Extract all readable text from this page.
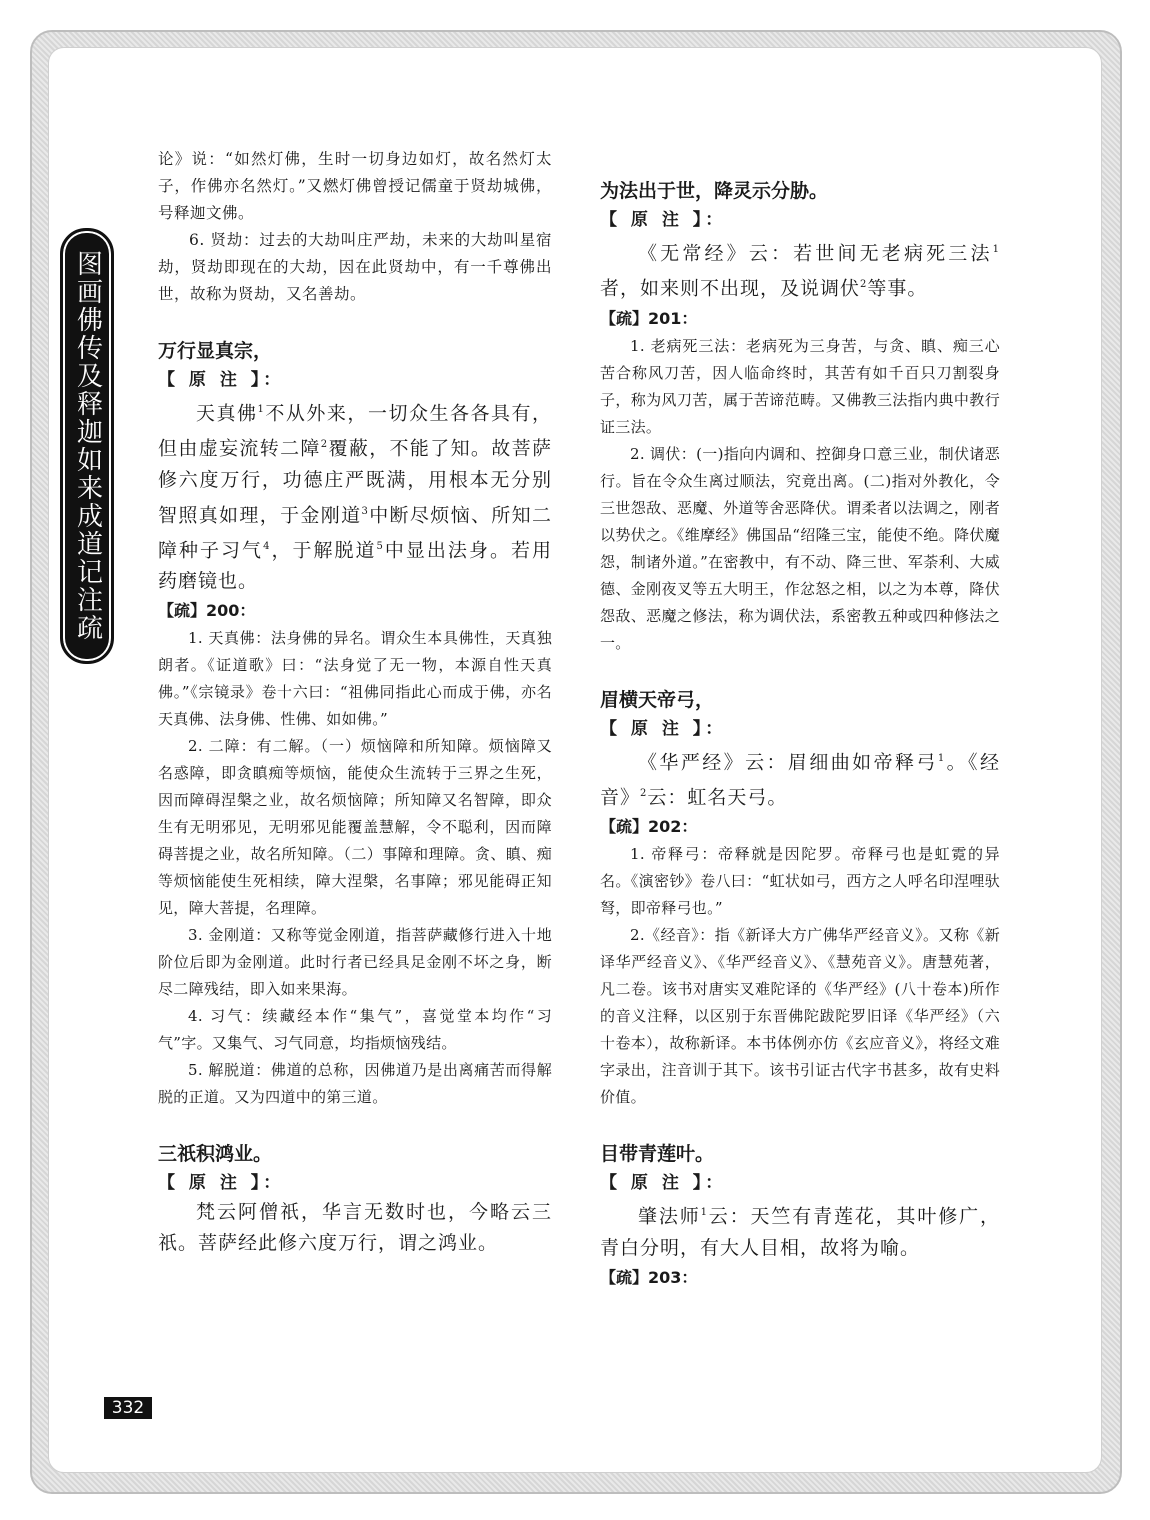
图画佛传及释迦如来成道记注疏

论》说：“如然灯佛，生时一切身边如灯，故名然灯太子，作佛亦名然灯。”又燃灯佛曾授记儒童于贤劫城佛，号释迦文佛。

6. 贤劫：过去的大劫叫庄严劫，未来的大劫叫星宿劫，贤劫即现在的大劫，因在此贤劫中，有一千尊佛出世，故称为贤劫，又名善劫。

万行显真宗，
【 原 注 】：

天真佛$^1$不从外来，一切众生各各具有，但由虚妄流转二障$^2$覆蔽，不能了知。故菩萨修六度万行，功德庄严既满，用根本无分别智照真如理，于金刚道$^3$中断尽烦恼、所知二障种子习气$^4$，于解脱道$^5$中显出法身。若用药磨镜也。

【疏】200：

1. 天真佛：法身佛的异名。谓众生本具佛性，天真独朗者。《证道歌》曰：“法身觉了无一物，本源自性天真佛。”《宗镜录》卷十六曰：“祖佛同指此心而成于佛，亦名天真佛、法身佛、性佛、如如佛。”

2. 二障：有二解。（一）烦恼障和所知障。烦恼障又名惑障，即贪瞋痴等烦恼，能使众生流转于三界之生死，因而障碍涅槃之业，故名烦恼障；所知障又名智障，即众生有无明邪见，无明邪见能覆盖慧解，令不聪利，因而障碍菩提之业，故名所知障。（二）事障和理障。贪、瞋、痴等烦恼能使生死相续，障大涅槃，名事障；邪见能碍正知见，障大菩提，名理障。

3. 金刚道：又称等觉金刚道，指菩萨藏修行进入十地阶位后即为金刚道。此时行者已经具足金刚不坏之身，断尽二障残结，即入如来果海。

4. 习气：续藏经本作“集气”，喜觉堂本均作“习气”字。又集气、习气同意，均指烦恼残结。

5. 解脱道：佛道的总称，因佛道乃是出离痛苦而得解脱的正道。又为四道中的第三道。

三祇积鸿业。
【 原 注 】：

梵云阿僧祇，华言无数时也，今略云三祇。菩萨经此修六度万行，谓之鸿业。

为法出于世，降灵示分胁。
【 原 注 】：

《无常经》云：若世间无老病死三法$^1$者，如来则不出现，及说调伏$^2$等事。

【疏】201：

1. 老病死三法：老病死为三身苦，与贪、瞋、痴三心苦合称风刀苦，因人临命终时，其苦有如千百只刀割裂身子，称为风刀苦，属于苦谛范畴。又佛教三法指内典中教行证三法。

2. 调伏：(一)指向内调和、控御身口意三业，制伏诸恶行。旨在令众生离过顺法，究竟出离。(二)指对外教化，令三世怨敌、恶魔、外道等舍恶降伏。谓柔者以法调之，刚者以势伏之。《维摩经》佛国品“绍隆三宝，能使不绝。降伏魔怨，制诸外道。”在密教中，有不动、降三世、军荼利、大威德、金刚夜叉等五大明王，作忿怒之相，以之为本尊，降伏怨敌、恶魔之修法，称为调伏法，系密教五种或四种修法之一。

眉横天帝弓，
【 原 注 】：

《华严经》云：眉细曲如帝释弓$^1$。《经音》$^2$云：虹名天弓。

【疏】202：

1. 帝释弓：帝释就是因陀罗。帝释弓也是虹霓的异名。《演密钞》卷八曰：“虹状如弓，西方之人呼名印涅哩驮弩，即帝释弓也。”

2.《经音》：指《新译大方广佛华严经音义》。又称《新译华严经音义》、《华严经音义》、《慧苑音义》。唐慧苑著，凡二卷。该书对唐实叉难陀译的《华严经》(八十卷本)所作的音义注释，以区别于东晋佛陀跋陀罗旧译《华严经》（六十卷本），故称新译。本书体例亦仿《玄应音义》，将经文难字录出，注音训于其下。该书引证古代字书甚多，故有史料价值。

目带青莲叶。
【 原 注 】：

肇法师$^1$云：天竺有青莲花，其叶修广，青白分明，有大人目相，故将为喻。

【疏】203：
332
